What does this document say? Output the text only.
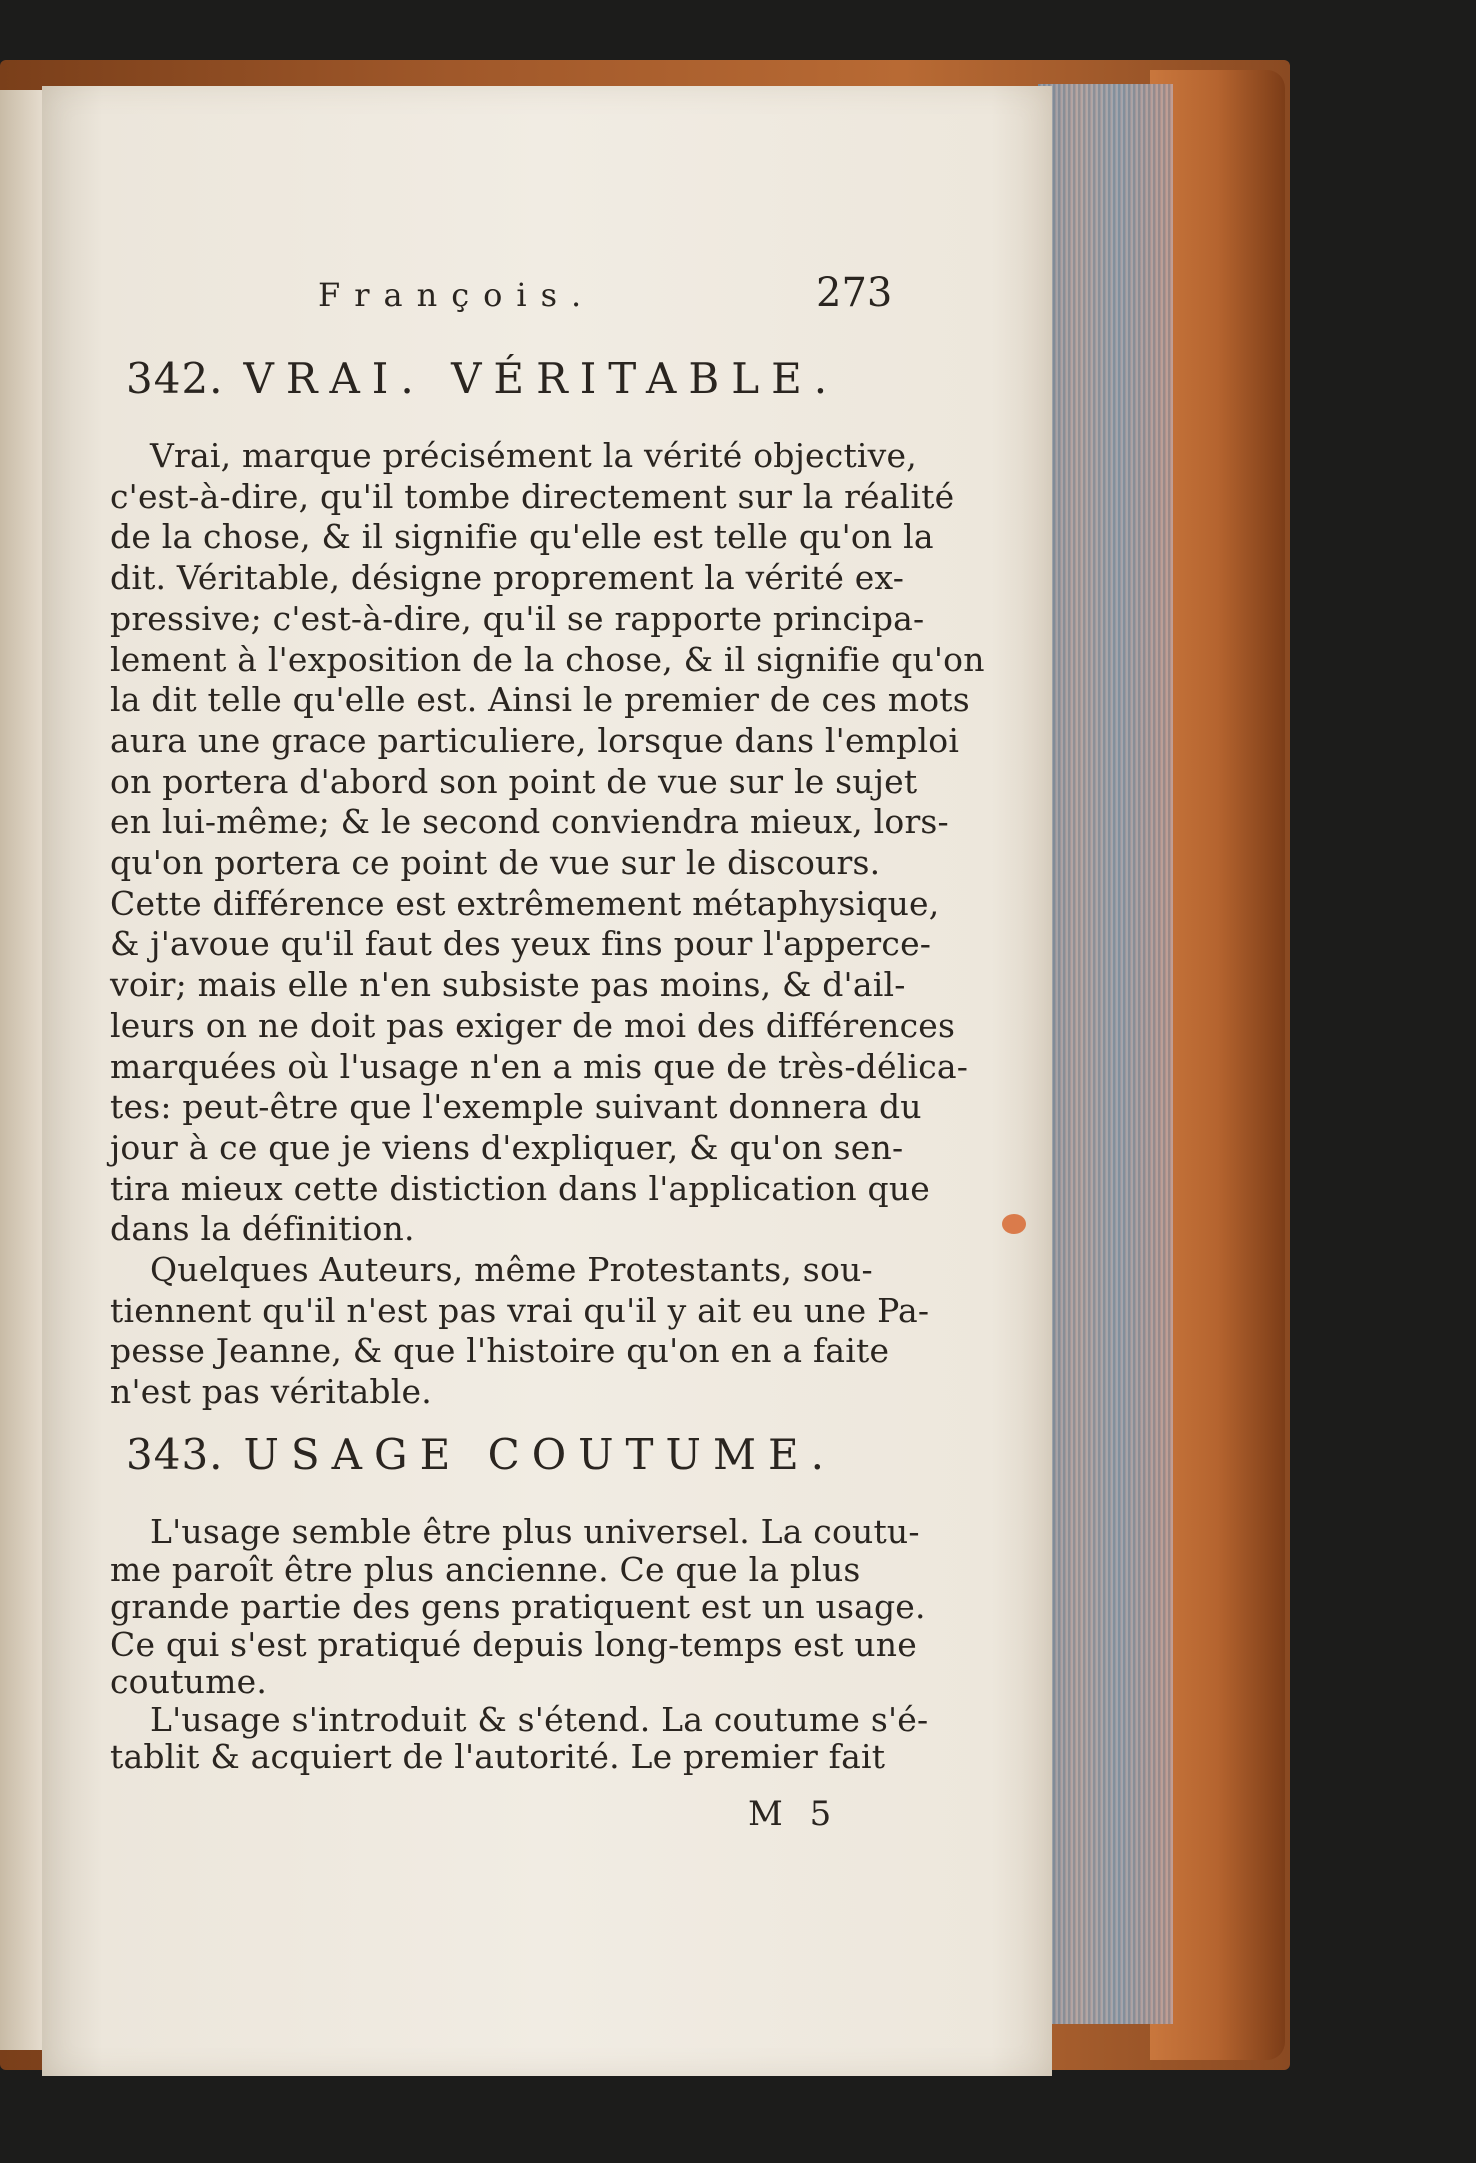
François.	273
342. VRAI. VÉRITABLE.
Vrai, marque précisément la vérité objective,
c'est-à-dire, qu'il tombe directement sur la réalité
de la chose, & il signifie qu'elle est telle qu'on la
dit. Véritable, désigne proprement la vérité ex-
pressive; c'est-à-dire, qu'il se rapporte principa-
lement à l'exposition de la chose, & il signifie qu'on
la dit telle qu'elle est. Ainsi le premier de ces mots
aura une grace particuliere, lorsque dans l'emploi
on portera d'abord son point de vue sur le sujet
en lui-même; & le second conviendra mieux, lors-
qu'on portera ce point de vue sur le discours.
Cette différence est extrêmement métaphysique,
& j'avoue qu'il faut des yeux fins pour l'apperce-
voir; mais elle n'en subsiste pas moins, & d'ail-
leurs on ne doit pas exiger de moi des différences
marquées où l'usage n'en a mis que de très-délica-
tes: peut-être que l'exemple suivant donnera du
jour à ce que je viens d'expliquer, & qu'on sen-
tira mieux cette distiction dans l'application que
dans la définition.
Quelques Auteurs, même Protestants, sou-
tiennent qu'il n'est pas vrai qu'il y ait eu une Pa-
pesse Jeanne, & que l'histoire qu'on en a faite
n'est pas véritable.
343. USAGE COUTUME.
L'usage semble être plus universel. La coutu-
me paroît être plus ancienne. Ce que la plus
grande partie des gens pratiquent est un usage.
Ce qui s'est pratiqué depuis long-temps est une
coutume.
L'usage s'introduit & s'étend. La coutume s'é-
tablit & acquiert de l'autorité. Le premier fait
M 5
